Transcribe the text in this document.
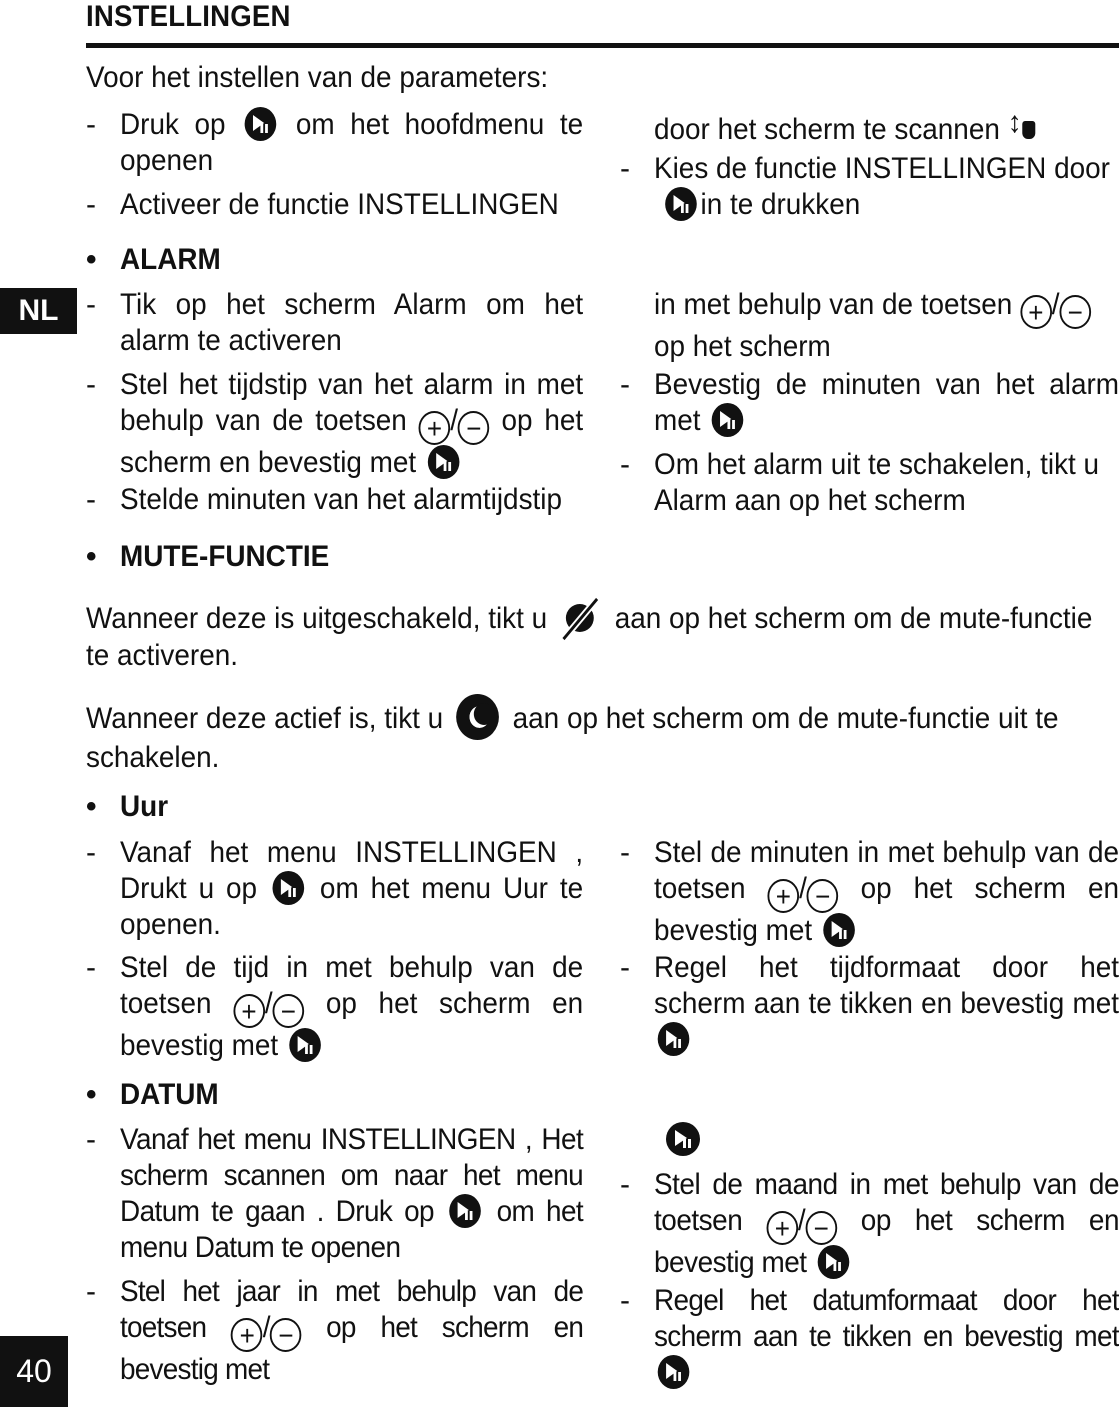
INSTELLINGEN
NL
40
Voor het instellen van de parameters:
- Druk op om het hoofdmenu te openen
- Activeer de functie INSTELLINGEN
door het scherm te scannen ↕
- Kies de functie INSTELLINGEN door
in te drukken
• ALARM
- Tik op het scherm Alarm om het alarm te activeren
- Stel het tijdstip van het alarm in met behulp van de toetsen + / − op het scherm en bevestig met
- Stelde minuten van het alarmtijdstip
in met behulp van de toetsen + / − op het scherm
- Bevestig de minuten van het alarm met
- Om het alarm uit te schakelen, tikt u Alarm aan op het scherm
• MUTE-FUNCTIE
Wanneer deze is uitgeschakeld, tikt u aan op het scherm om de mute-functie te activeren.
Wanneer deze actief is, tikt u aan op het scherm om de mute-functie uit te schakelen.
• Uur
- Vanaf het menu INSTELLINGEN , Drukt u op om het menu Uur te openen.
- Stel de tijd in met behulp van de toetsen + / − op het scherm en bevestig met
- Stel de minuten in met behulp van de toetsen + / − op het scherm en bevestig met
- Regel het tijdformaat door het scherm aan te tikken en bevestig met
• DATUM
- Vanaf het menu INSTELLINGEN , Het scherm scannen om naar het menu Datum te gaan . Druk op om het menu Datum te openen
- Stel het jaar in met behulp van de toetsen + / − op het scherm en bevestig met
- Stel de maand in met behulp van de toetsen + / − op het scherm en bevestig met
- Regel het datumformaat door het scherm aan te tikken en bevestig met
